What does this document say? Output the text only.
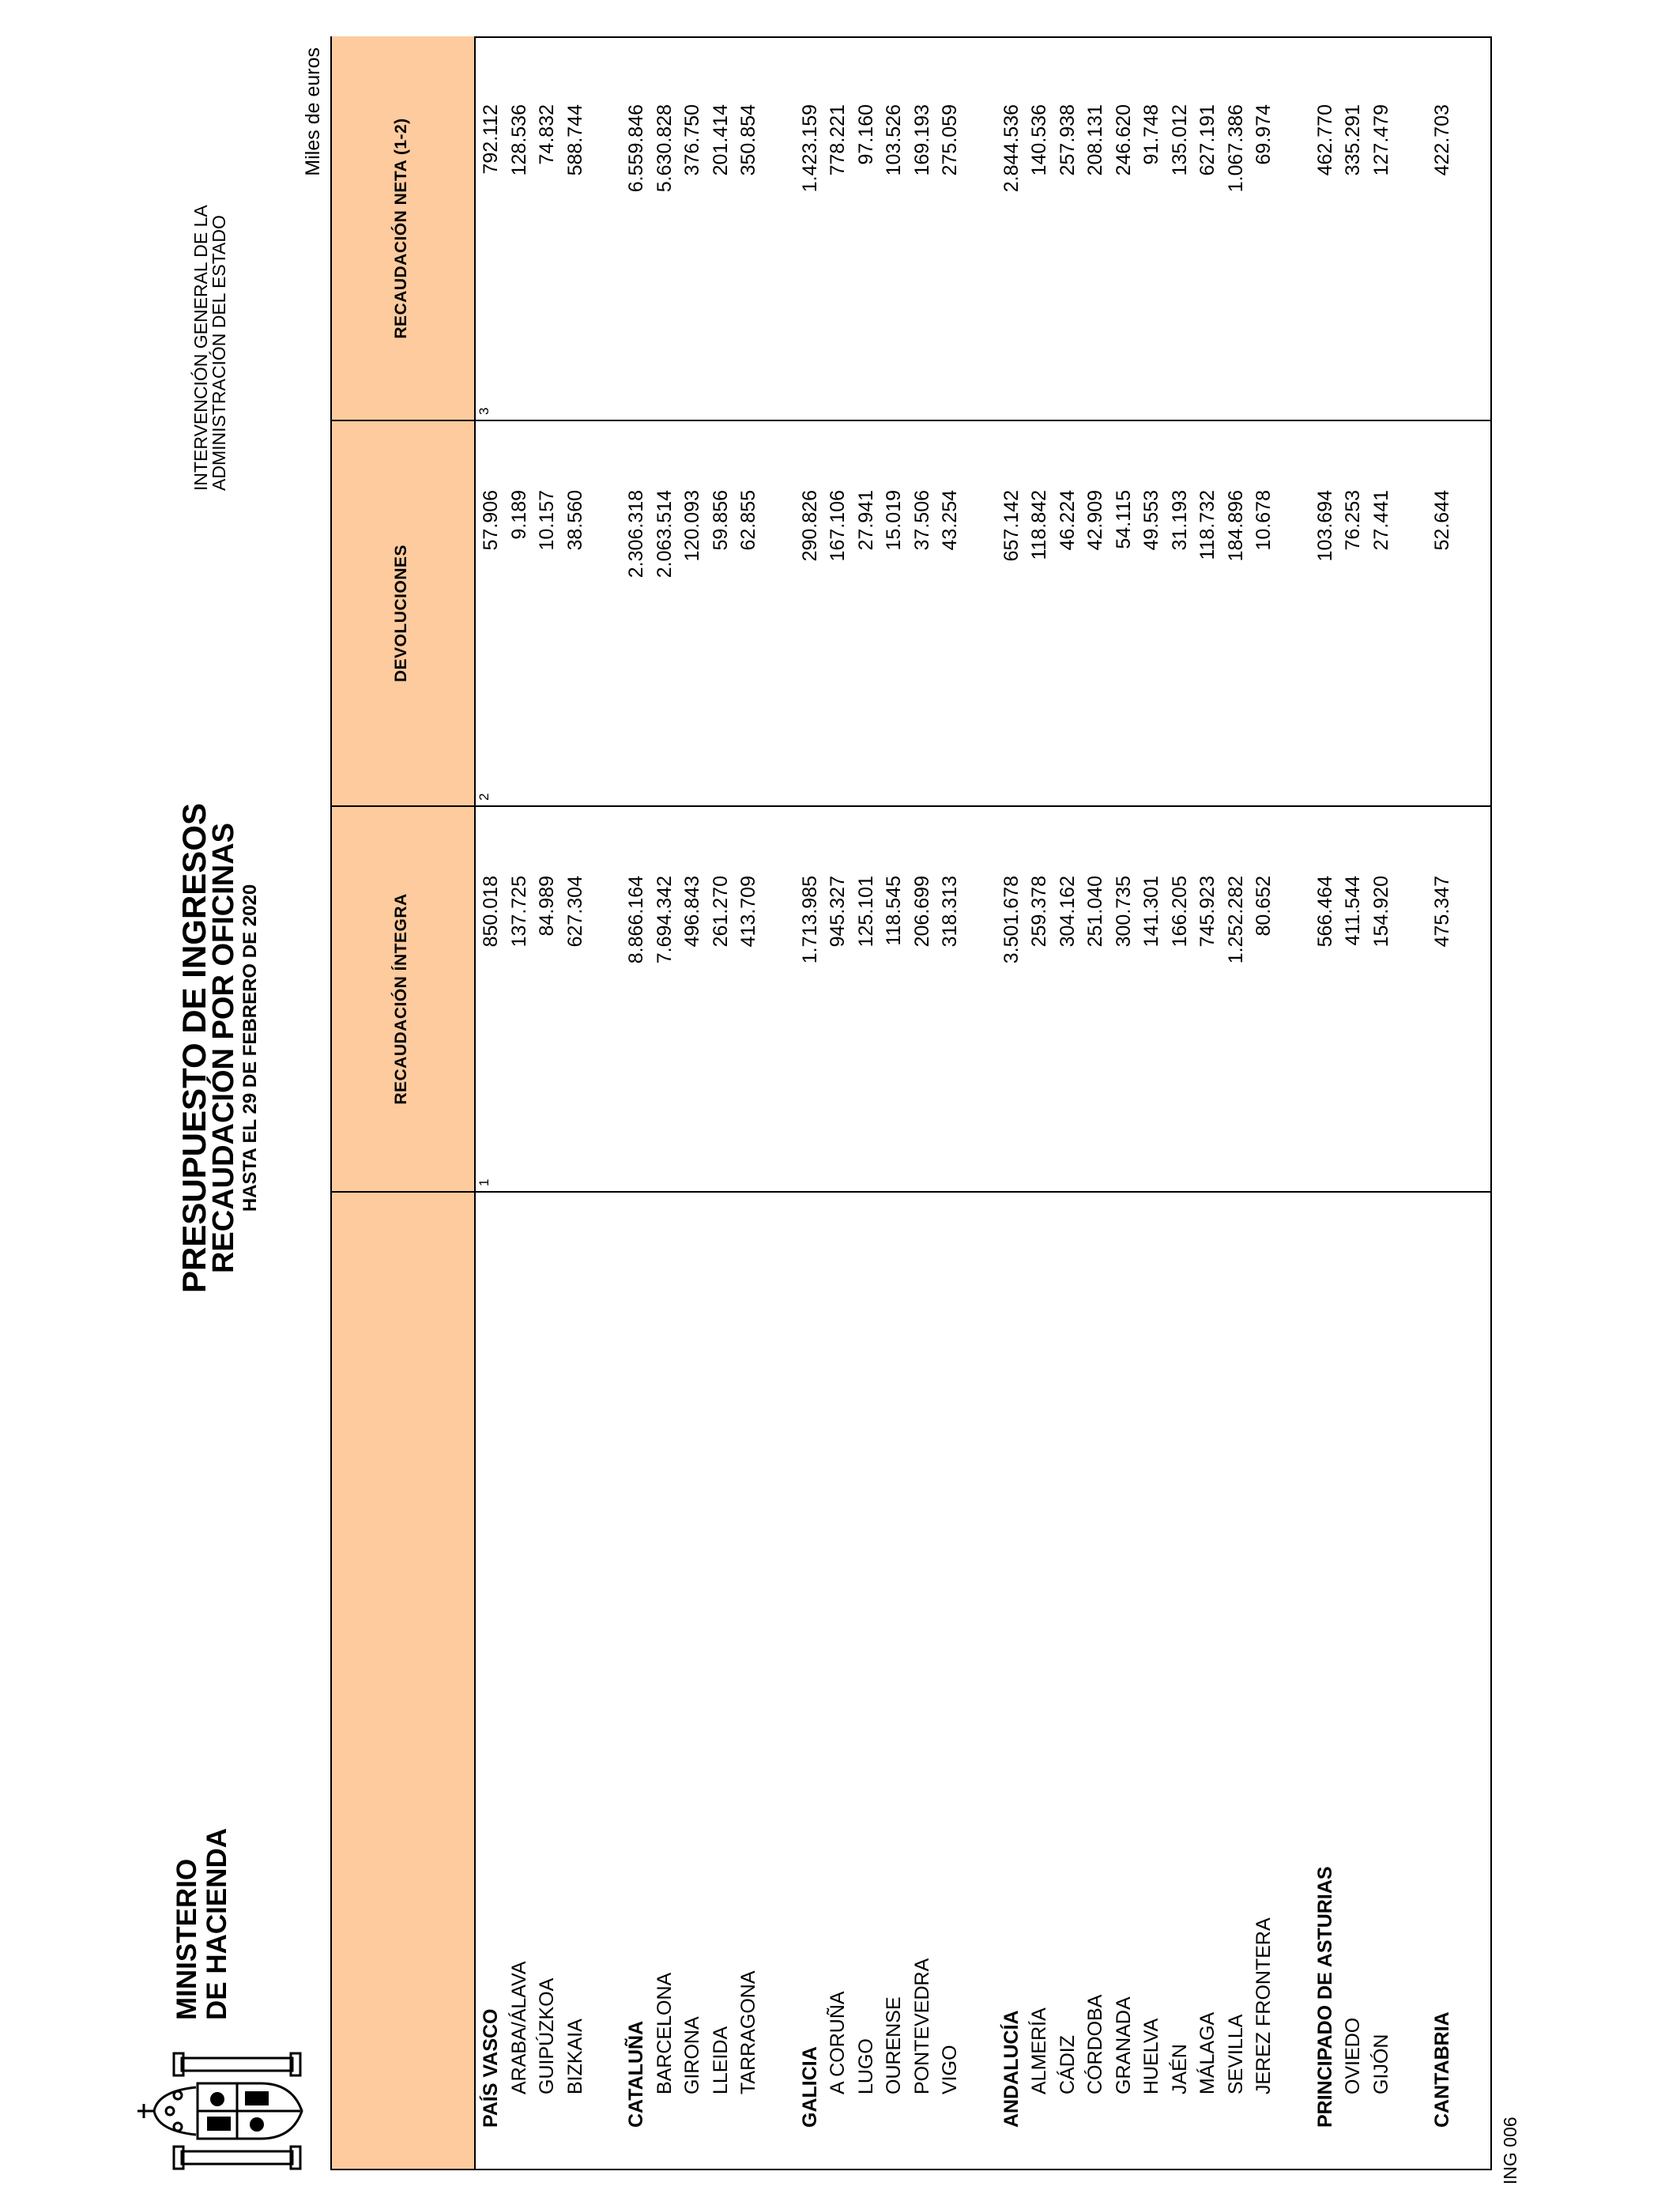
MINISTERIO DE HACIENDA
PRESUPUESTO DE INGRESOS
RECAUDACIÓN POR OFICINAS HASTA EL 29 DE FEBRERO DE 2020
INTERVENCIÓN GENERAL DE LA
ADMINISTRACIÓN DEL ESTADO
Miles de euros
ING 006
RECAUDACIÓN ÍNTEGRA
DEVOLUCIONES
RECAUDACIÓN NETA (1-2)
1
2
3
PAÍS VASCO
850.018
57.906
792.112
ARABA/ÁLAVA
137.725
9.189
128.536
GUIPÚZKOA
84.989
10.157
74.832
BIZKAIA
627.304
38.560
588.744
CATALUÑA
8.866.164
2.306.318
6.559.846
BARCELONA
7.694.342
2.063.514
5.630.828
GIRONA
496.843
120.093
376.750
LLEIDA
261.270
59.856
201.414
TARRAGONA
413.709
62.855
350.854
GALICIA
1.713.985
290.826
1.423.159
A CORUÑA
945.327
167.106
778.221
LUGO
125.101
27.941
97.160
OURENSE
118.545
15.019
103.526
PONTEVEDRA
206.699
37.506
169.193
VIGO
318.313
43.254
275.059
ANDALUCÍA
3.501.678
657.142
2.844.536
ALMERÍA
259.378
118.842
140.536
CÁDIZ
304.162
46.224
257.938
CÓRDOBA
251.040
42.909
208.131
GRANADA
300.735
54.115
246.620
HUELVA
141.301
49.553
91.748
JAÉN
166.205
31.193
135.012
MÁLAGA
745.923
118.732
627.191
SEVILLA
1.252.282
184.896
1.067.386
JEREZ FRONTERA
80.652
10.678
69.974
PRINCIPADO DE ASTURIAS
566.464
103.694
462.770
OVIEDO
411.544
76.253
335.291
GIJÓN
154.920
27.441
127.479
CANTABRIA
475.347
52.644
422.703
